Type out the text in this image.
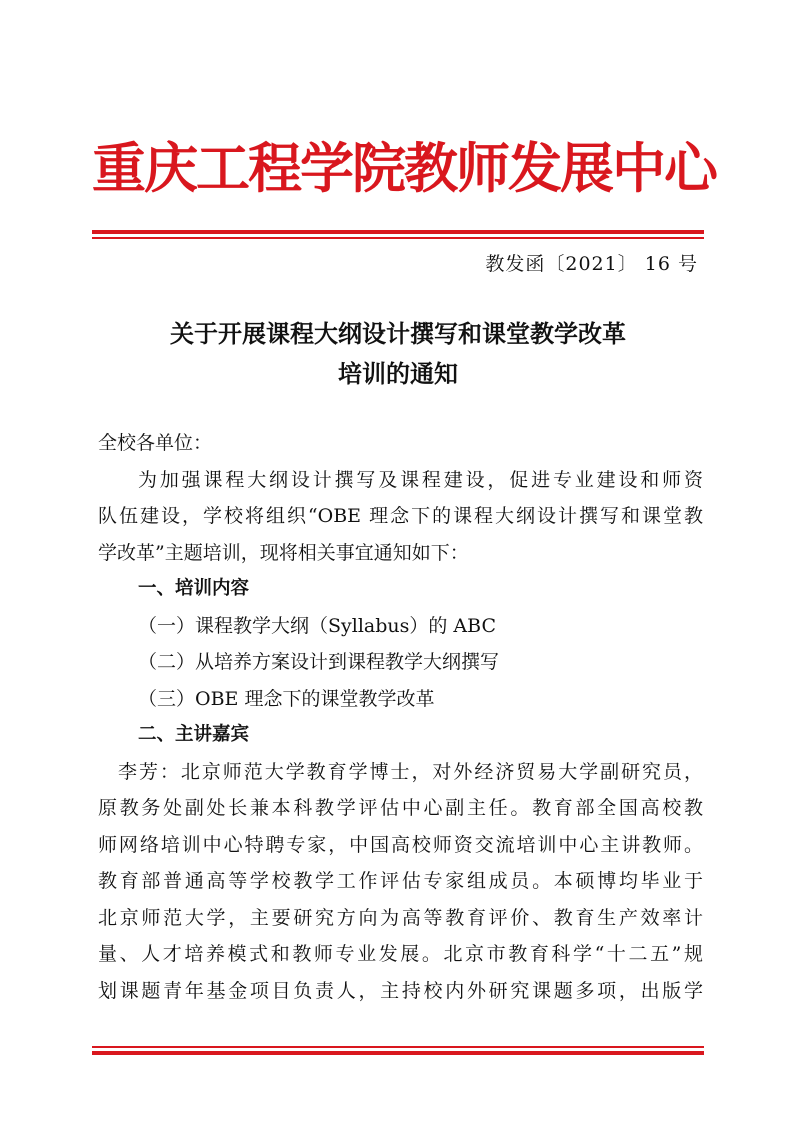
重庆工程学院教师发展中心
教发函〔2021〕 16 号
关于开展课程大纲设计撰写和课堂教学改革
培训的通知
全校各单位：
为加强课程大纲设计撰写及课程建设，促进专业建设和师资
队伍建设，学校将组织“OBE 理念下的课程大纲设计撰写和课堂教
学改革”主题培训，现将相关事宜通知如下：
一、培训内容
（一）课程教学大纲（Syllabus）的 ABC
（二）从培养方案设计到课程教学大纲撰写
（三）OBE 理念下的课堂教学改革
二、主讲嘉宾
李芳：北京师范大学教育学博士，对外经济贸易大学副研究员，
原教务处副处长兼本科教学评估中心副主任。教育部全国高校教
师网络培训中心特聘专家，中国高校师资交流培训中心主讲教师。
教育部普通高等学校教学工作评估专家组成员。本硕博均毕业于
北京师范大学，主要研究方向为高等教育评价、教育生产效率计
量、人才培养模式和教师专业发展。北京市教育科学“十二五”规
划课题青年基金项目负责人，主持校内外研究课题多项，出版学
